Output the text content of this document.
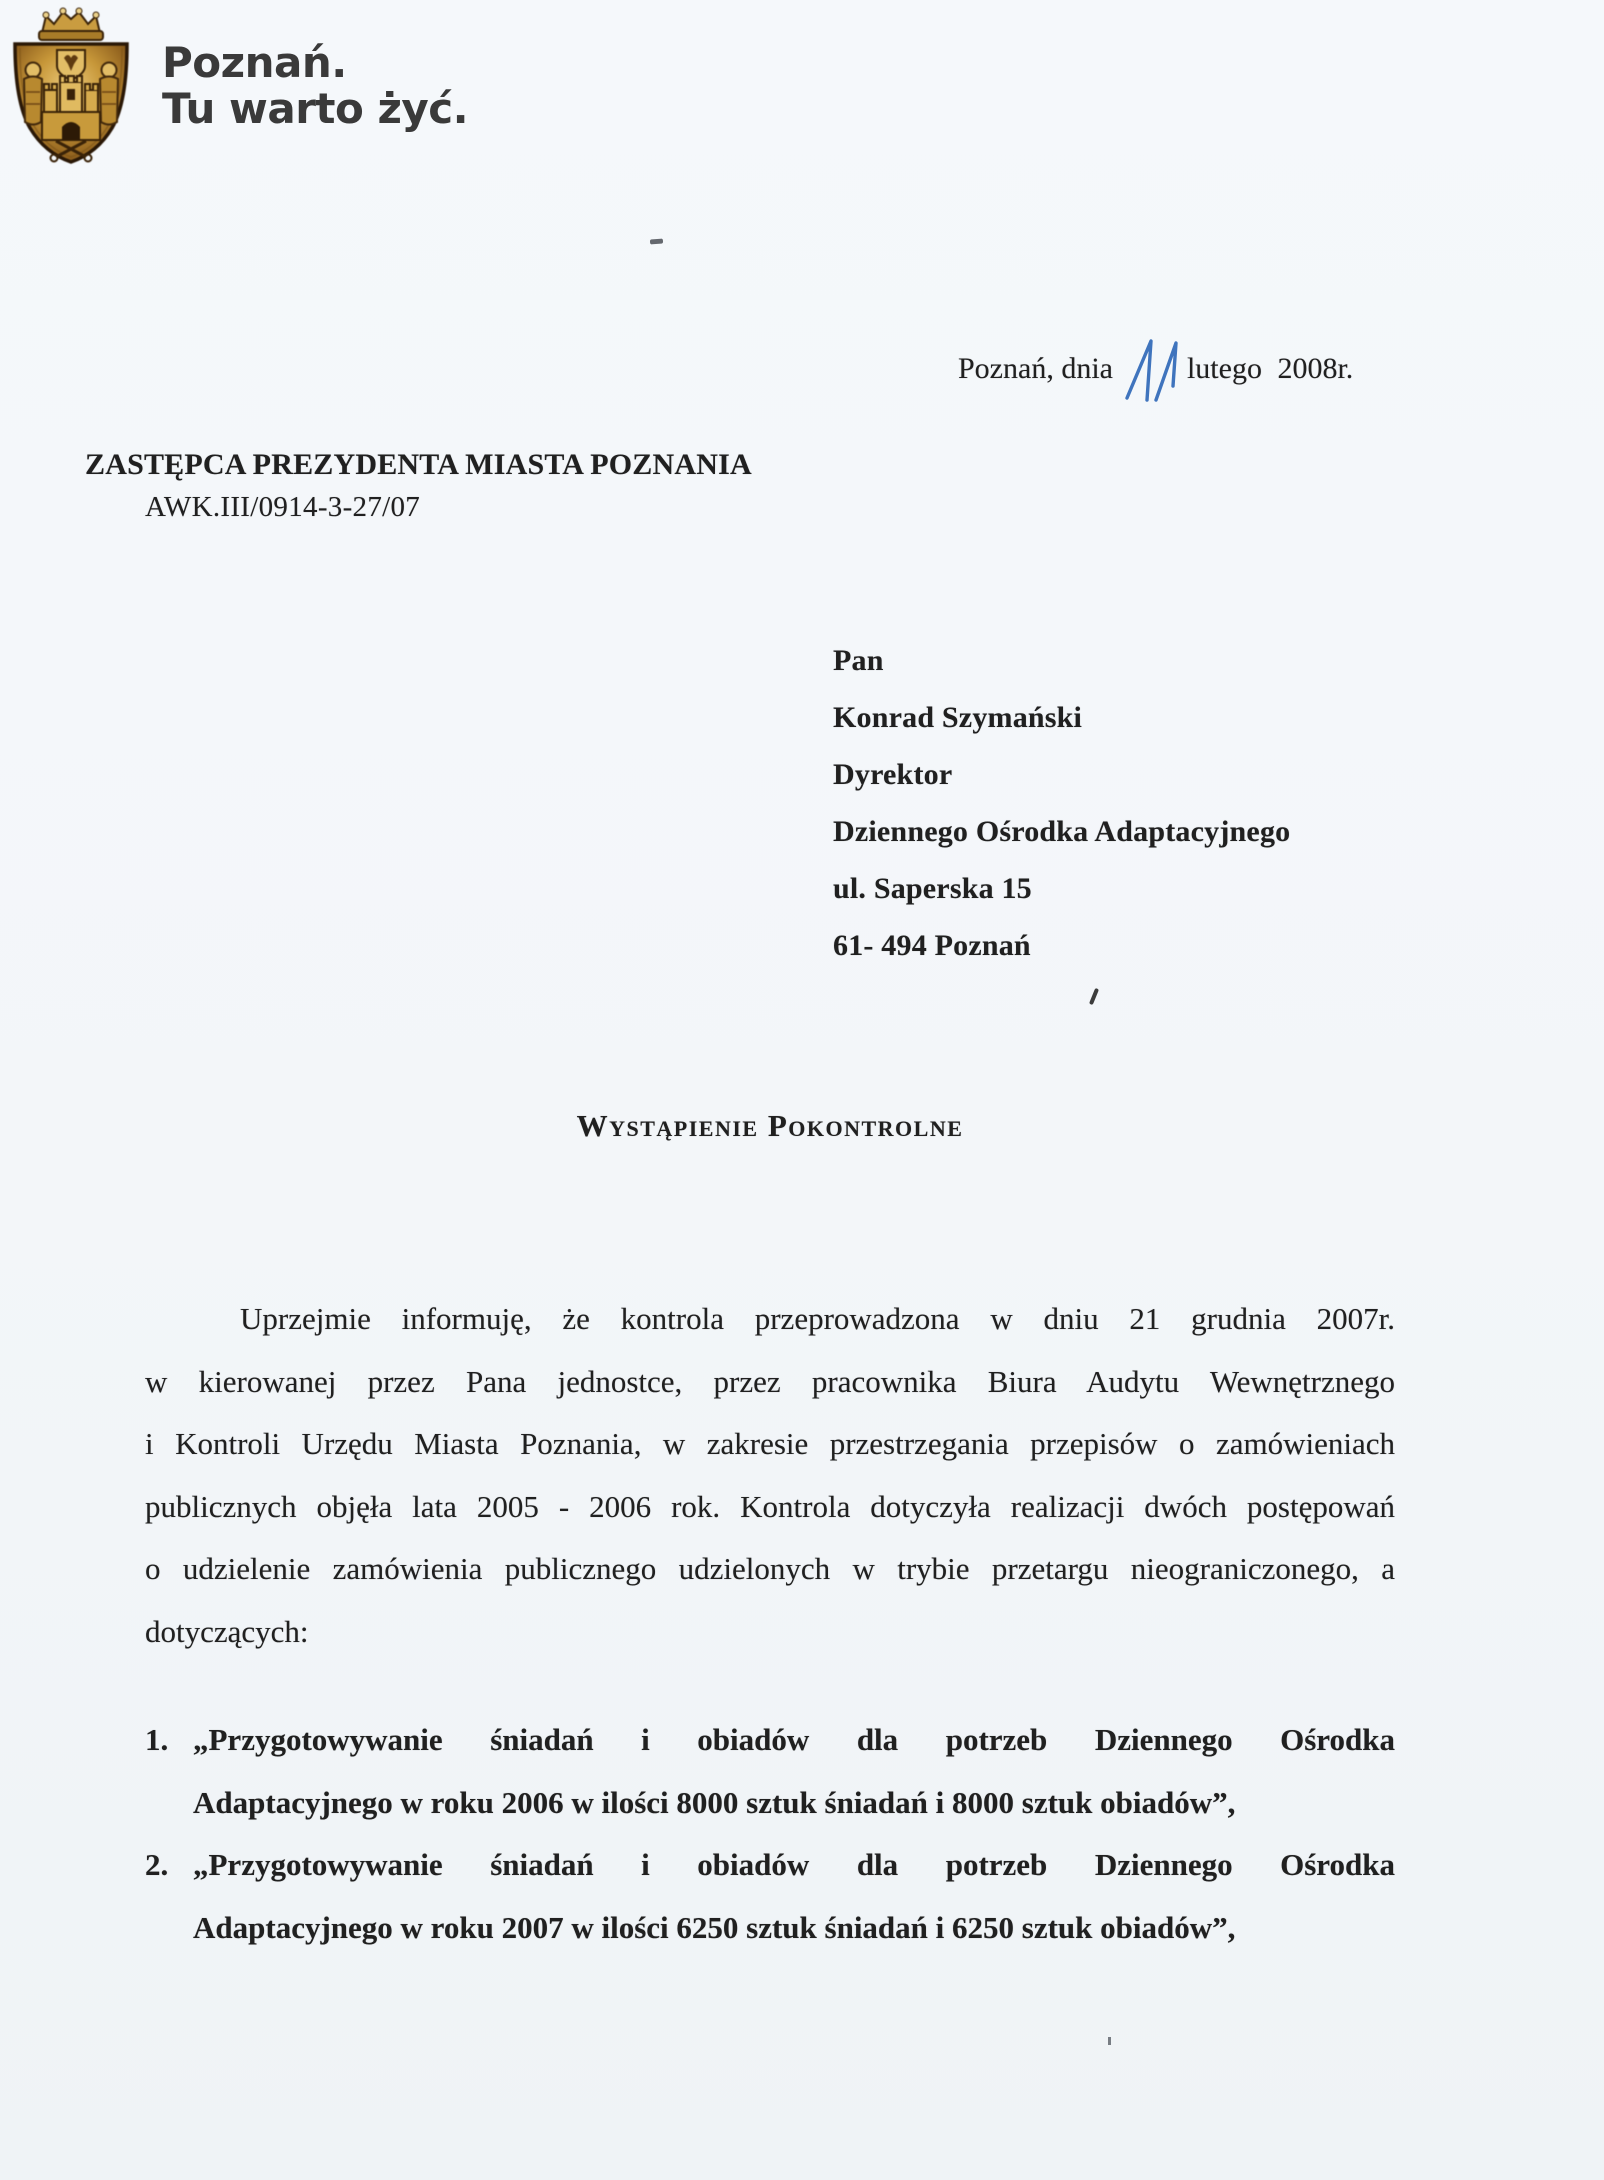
Poznań.
Tu warto żyć.
Poznań, dnia lutego 2008r.
ZASTĘPCA PREZYDENTA MIASTA POZNANIA
AWK.III/0914-3-27/07
Pan
Konrad Szymański
Dyrektor
Dziennego Ośrodka Adaptacyjnego
ul. Saperska 15
61- 494 Poznań
Wystąpienie Pokontrolne
Uprzejmie informuję, że kontrola przeprowadzona w dniu 21 grudnia 2007r.
w kierowanej przez Pana jednostce, przez pracownika Biura Audytu Wewnętrznego
i Kontroli Urzędu Miasta Poznania, w zakresie przestrzegania przepisów o zamówieniach
publicznych objęła lata 2005 - 2006 rok. Kontrola dotyczyła realizacji dwóch postępowań
o udzielenie zamówienia publicznego udzielonych w trybie przetargu nieograniczonego, a
dotyczących:
1. „Przygotowywanie śniadań i obiadów dla potrzeb Dziennego Ośrodka
Adaptacyjnego w roku 2006 w ilości 8000 sztuk śniadań i 8000 sztuk obiadów”,
2. „Przygotowywanie śniadań i obiadów dla potrzeb Dziennego Ośrodka
Adaptacyjnego w roku 2007 w ilości 6250 sztuk śniadań i 6250 sztuk obiadów”,
